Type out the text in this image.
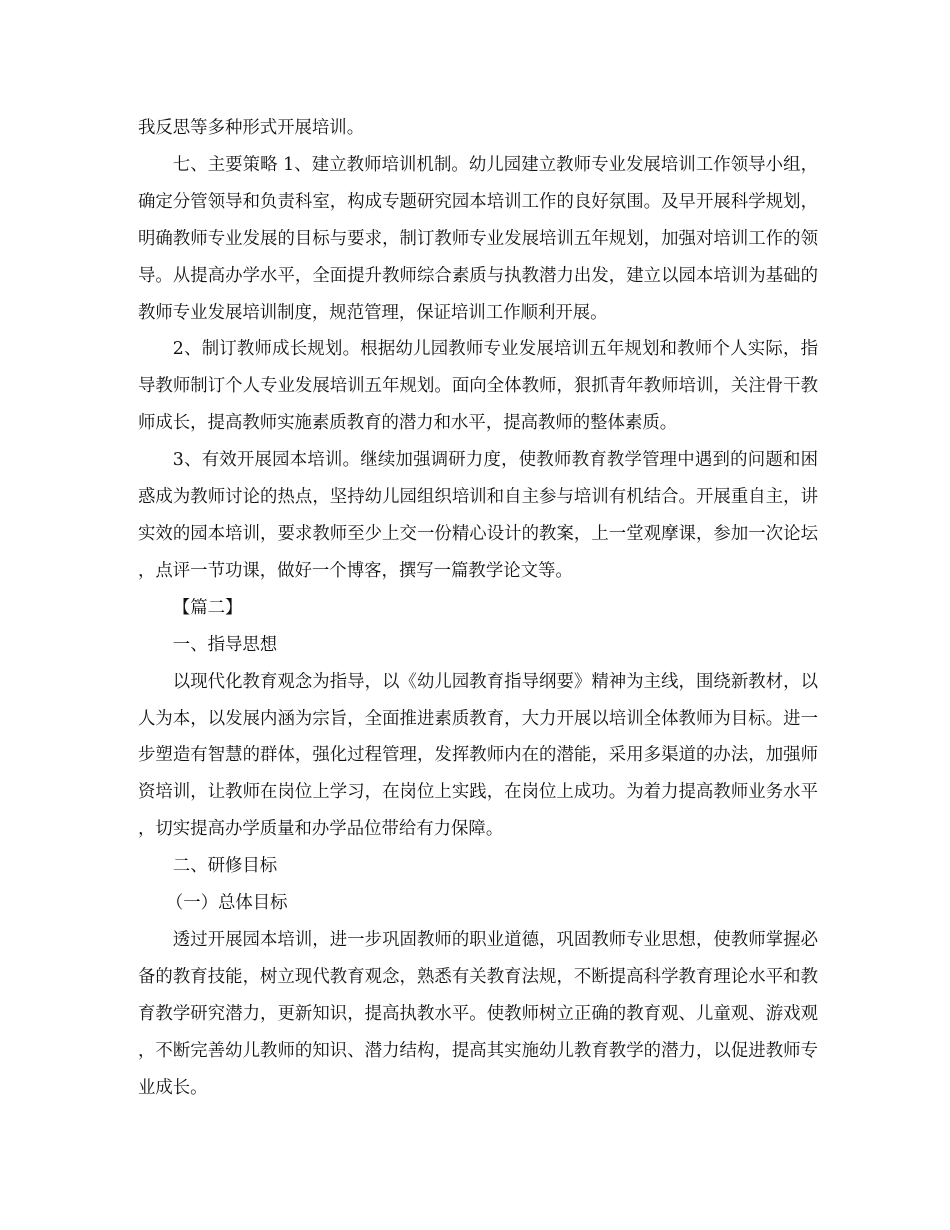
我反思等多种形式开展培训。

七、主要策略 1、建立教师培训机制。幼儿园建立教师专业发展培训工作领导小组，确定分管领导和负责科室，构成专题研究园本培训工作的良好氛围。及早开展科学规划，明确教师专业发展的目标与要求，制订教师专业发展培训五年规划，加强对培训工作的领导。从提高办学水平，全面提升教师综合素质与执教潜力出发，建立以园本培训为基础的教师专业发展培训制度，规范管理，保证培训工作顺利开展。

2、制订教师成长规划。根据幼儿园教师专业发展培训五年规划和教师个人实际，指导教师制订个人专业发展培训五年规划。面向全体教师，狠抓青年教师培训，关注骨干教师成长，提高教师实施素质教育的潜力和水平，提高教师的整体素质。

3、有效开展园本培训。继续加强调研力度，使教师教育教学管理中遇到的问题和困惑成为教师讨论的热点，坚持幼儿园组织培训和自主参与培训有机结合。开展重自主，讲实效的园本培训，要求教师至少上交一份精心设计的教案，上一堂观摩课，参加一次论坛，点评一节功课，做好一个博客，撰写一篇教学论文等。

【篇二】

一、指导思想

以现代化教育观念为指导，以《幼儿园教育指导纲要》精神为主线，围绕新教材，以人为本，以发展内涵为宗旨，全面推进素质教育，大力开展以培训全体教师为目标。进一步塑造有智慧的群体，强化过程管理，发挥教师内在的潜能，采用多渠道的办法，加强师资培训，让教师在岗位上学习，在岗位上实践，在岗位上成功。为着力提高教师业务水平，切实提高办学质量和办学品位带给有力保障。

二、研修目标

（一）总体目标

透过开展园本培训，进一步巩固教师的职业道德，巩固教师专业思想，使教师掌握必备的教育技能，树立现代教育观念，熟悉有关教育法规，不断提高科学教育理论水平和教育教学研究潜力，更新知识，提高执教水平。使教师树立正确的教育观、儿童观、游戏观，不断完善幼儿教师的知识、潜力结构，提高其实施幼儿教育教学的潜力，以促进教师专业成长。
